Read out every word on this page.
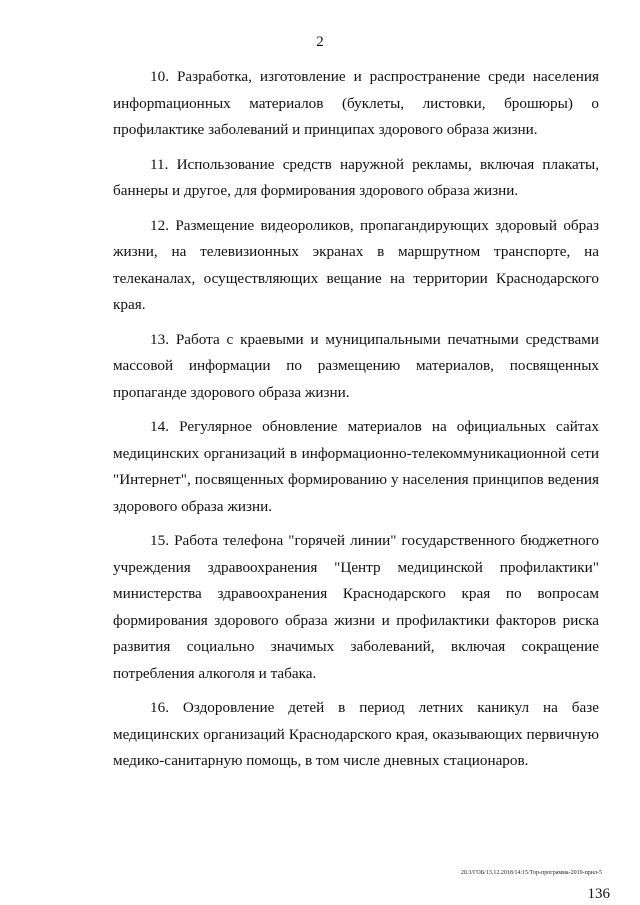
2

10. Разработка, изготовление и распространение среди населения инфорmационных материалов (буклеты, листовки, брошюры) о профилактике заболеваний и принципах здорового образа жизни.

11. Использование средств наружной рекламы, включая плакаты, баннеры и другое, для формирования здорового образа жизни.

12. Размещение видеороликов, пропагандирующих здоровый образ жизни, на телевизионных экранах в маршрутном транспорте, на телеканалах, осуществляющих вещание на территории Краснодарского края.

13. Работа с краевыми и муниципальными печатными средствами массовой информации по размещению материалов, посвященных пропаганде здорового образа жизни.

14. Регулярное обновление материалов на официальных сайтах медицинских организаций в информационно-телекоммуникационной сети "Интернет", посвященных формированию у населения принципов ведения здорового образа жизни.

15. Работа телефона "горячей линии" государственного бюджетного учреждения здравоохранения "Центр медицинской профилактики" министерства здравоохранения Краснодарского края по вопросам формирования здорового образа жизни и профилактики факторов риска развития социально значимых заболеваний, включая сокращение потребления алкоголя и табака.

16. Оздоровление детей в период летних каникул на базе медицинских организаций Краснодарского края, оказывающих первичную медико-санитарную помощь, в том числе дневных стационаров.

20.3/ГОБ/13.12.2018/14:15/Тор-программа-2019-прил-5
136
